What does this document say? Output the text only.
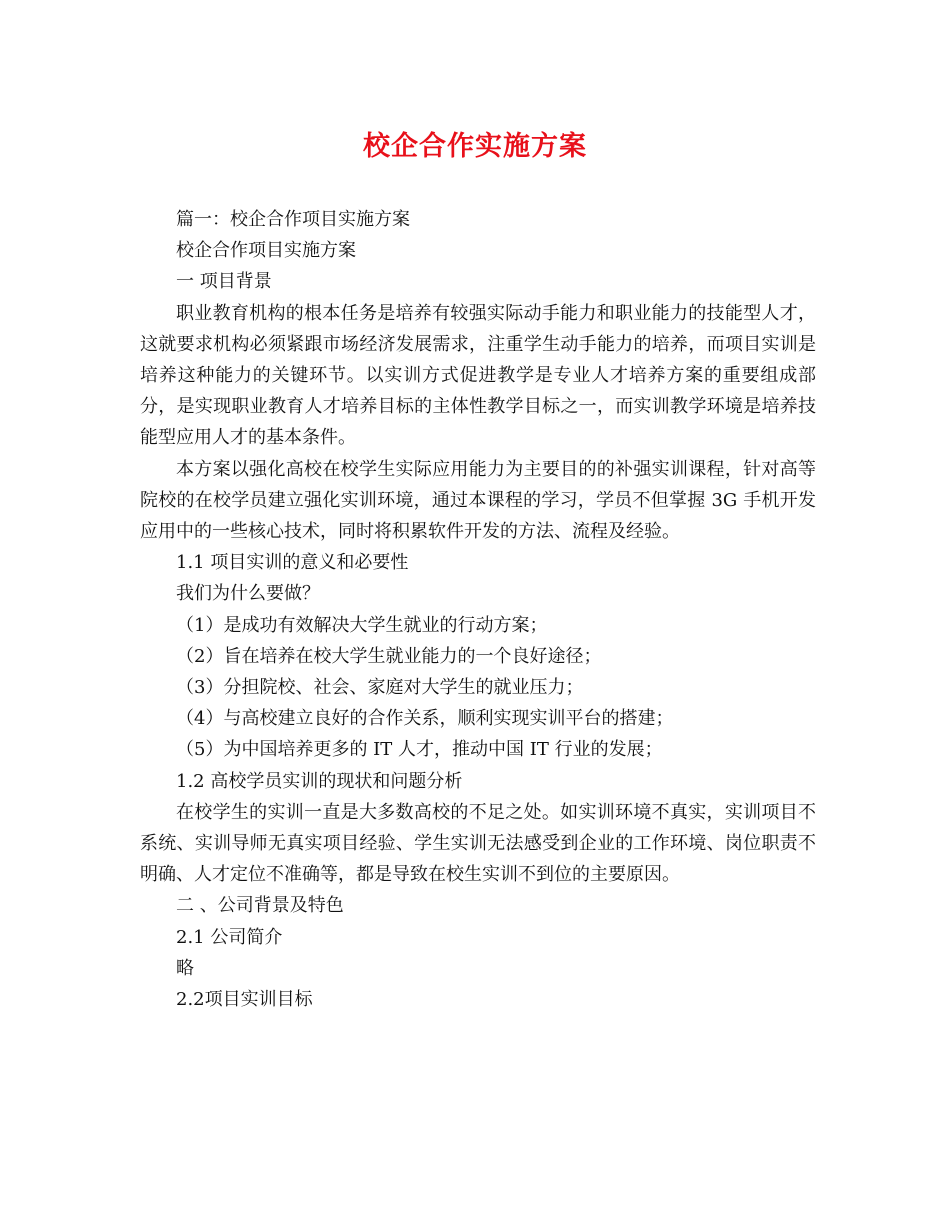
校企合作实施方案

篇一：校企合作项目实施方案

校企合作项目实施方案

一 项目背景

职业教育机构的根本任务是培养有较强实际动手能力和职业能力的技能型人才，这就要求机构必须紧跟市场经济发展需求，注重学生动手能力的培养，而项目实训是培养这种能力的关键环节。以实训方式促进教学是专业人才培养方案的重要组成部分，是实现职业教育人才培养目标的主体性教学目标之一，而实训教学环境是培养技能型应用人才的基本条件。

本方案以强化高校在校学生实际应用能力为主要目的的补强实训课程，针对高等院校的在校学员建立强化实训环境，通过本课程的学习，学员不但掌握 3G 手机开发应用中的一些核心技术，同时将积累软件开发的方法、流程及经验。

1.1 项目实训的意义和必要性

我们为什么要做？

（1）是成功有效解决大学生就业的行动方案；

（2）旨在培养在校大学生就业能力的一个良好途径；

（3）分担院校、社会、家庭对大学生的就业压力；

（4）与高校建立良好的合作关系，顺利实现实训平台的搭建；

（5）为中国培养更多的 IT 人才，推动中国 IT 行业的发展；

1.2 高校学员实训的现状和问题分析

在校学生的实训一直是大多数高校的不足之处。如实训环境不真实，实训项目不系统、实训导师无真实项目经验、学生实训无法感受到企业的工作环境、岗位职责不明确、人才定位不准确等，都是导致在校生实训不到位的主要原因。

二 、公司背景及特色

2.1 公司简介

略

2.2项目实训目标
